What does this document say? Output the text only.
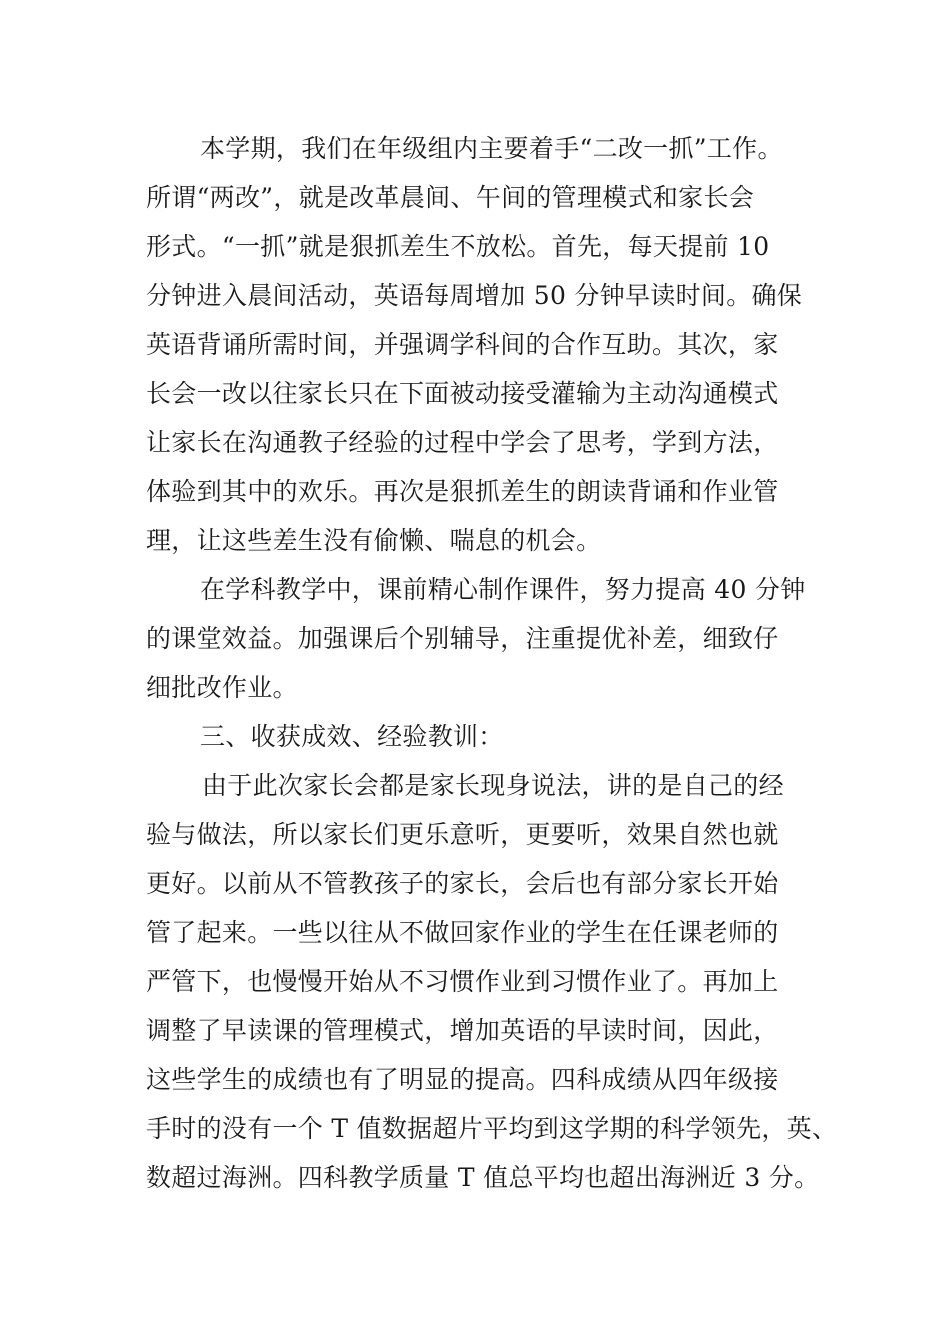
本学期，我们在年级组内主要着手“二改一抓”工作。
所谓“两改”，就是改革晨间、午间的管理模式和家长会
形式。“一抓”就是狠抓差生不放松。首先，每天提前 10
分钟进入晨间活动，英语每周增加 50 分钟早读时间。确保
英语背诵所需时间，并强调学科间的合作互助。其次，家
长会一改以往家长只在下面被动接受灌输为主动沟通模式
让家长在沟通教子经验的过程中学会了思考，学到方法，
体验到其中的欢乐。再次是狠抓差生的朗读背诵和作业管
理，让这些差生没有偷懒、喘息的机会。
在学科教学中，课前精心制作课件，努力提高 40 分钟
的课堂效益。加强课后个别辅导，注重提优补差，细致仔
细批改作业。
三、收获成效、经验教训：
由于此次家长会都是家长现身说法，讲的是自己的经
验与做法，所以家长们更乐意听，更要听，效果自然也就
更好。以前从不管教孩子的家长，会后也有部分家长开始
管了起来。一些以往从不做回家作业的学生在任课老师的
严管下，也慢慢开始从不习惯作业到习惯作业了。再加上
调整了早读课的管理模式，增加英语的早读时间，因此，
这些学生的成绩也有了明显的提高。四科成绩从四年级接
手时的没有一个 T 值数据超片平均到这学期的科学领先，英、
数超过海洲。四科教学质量 T 值总平均也超出海洲近 3 分。
